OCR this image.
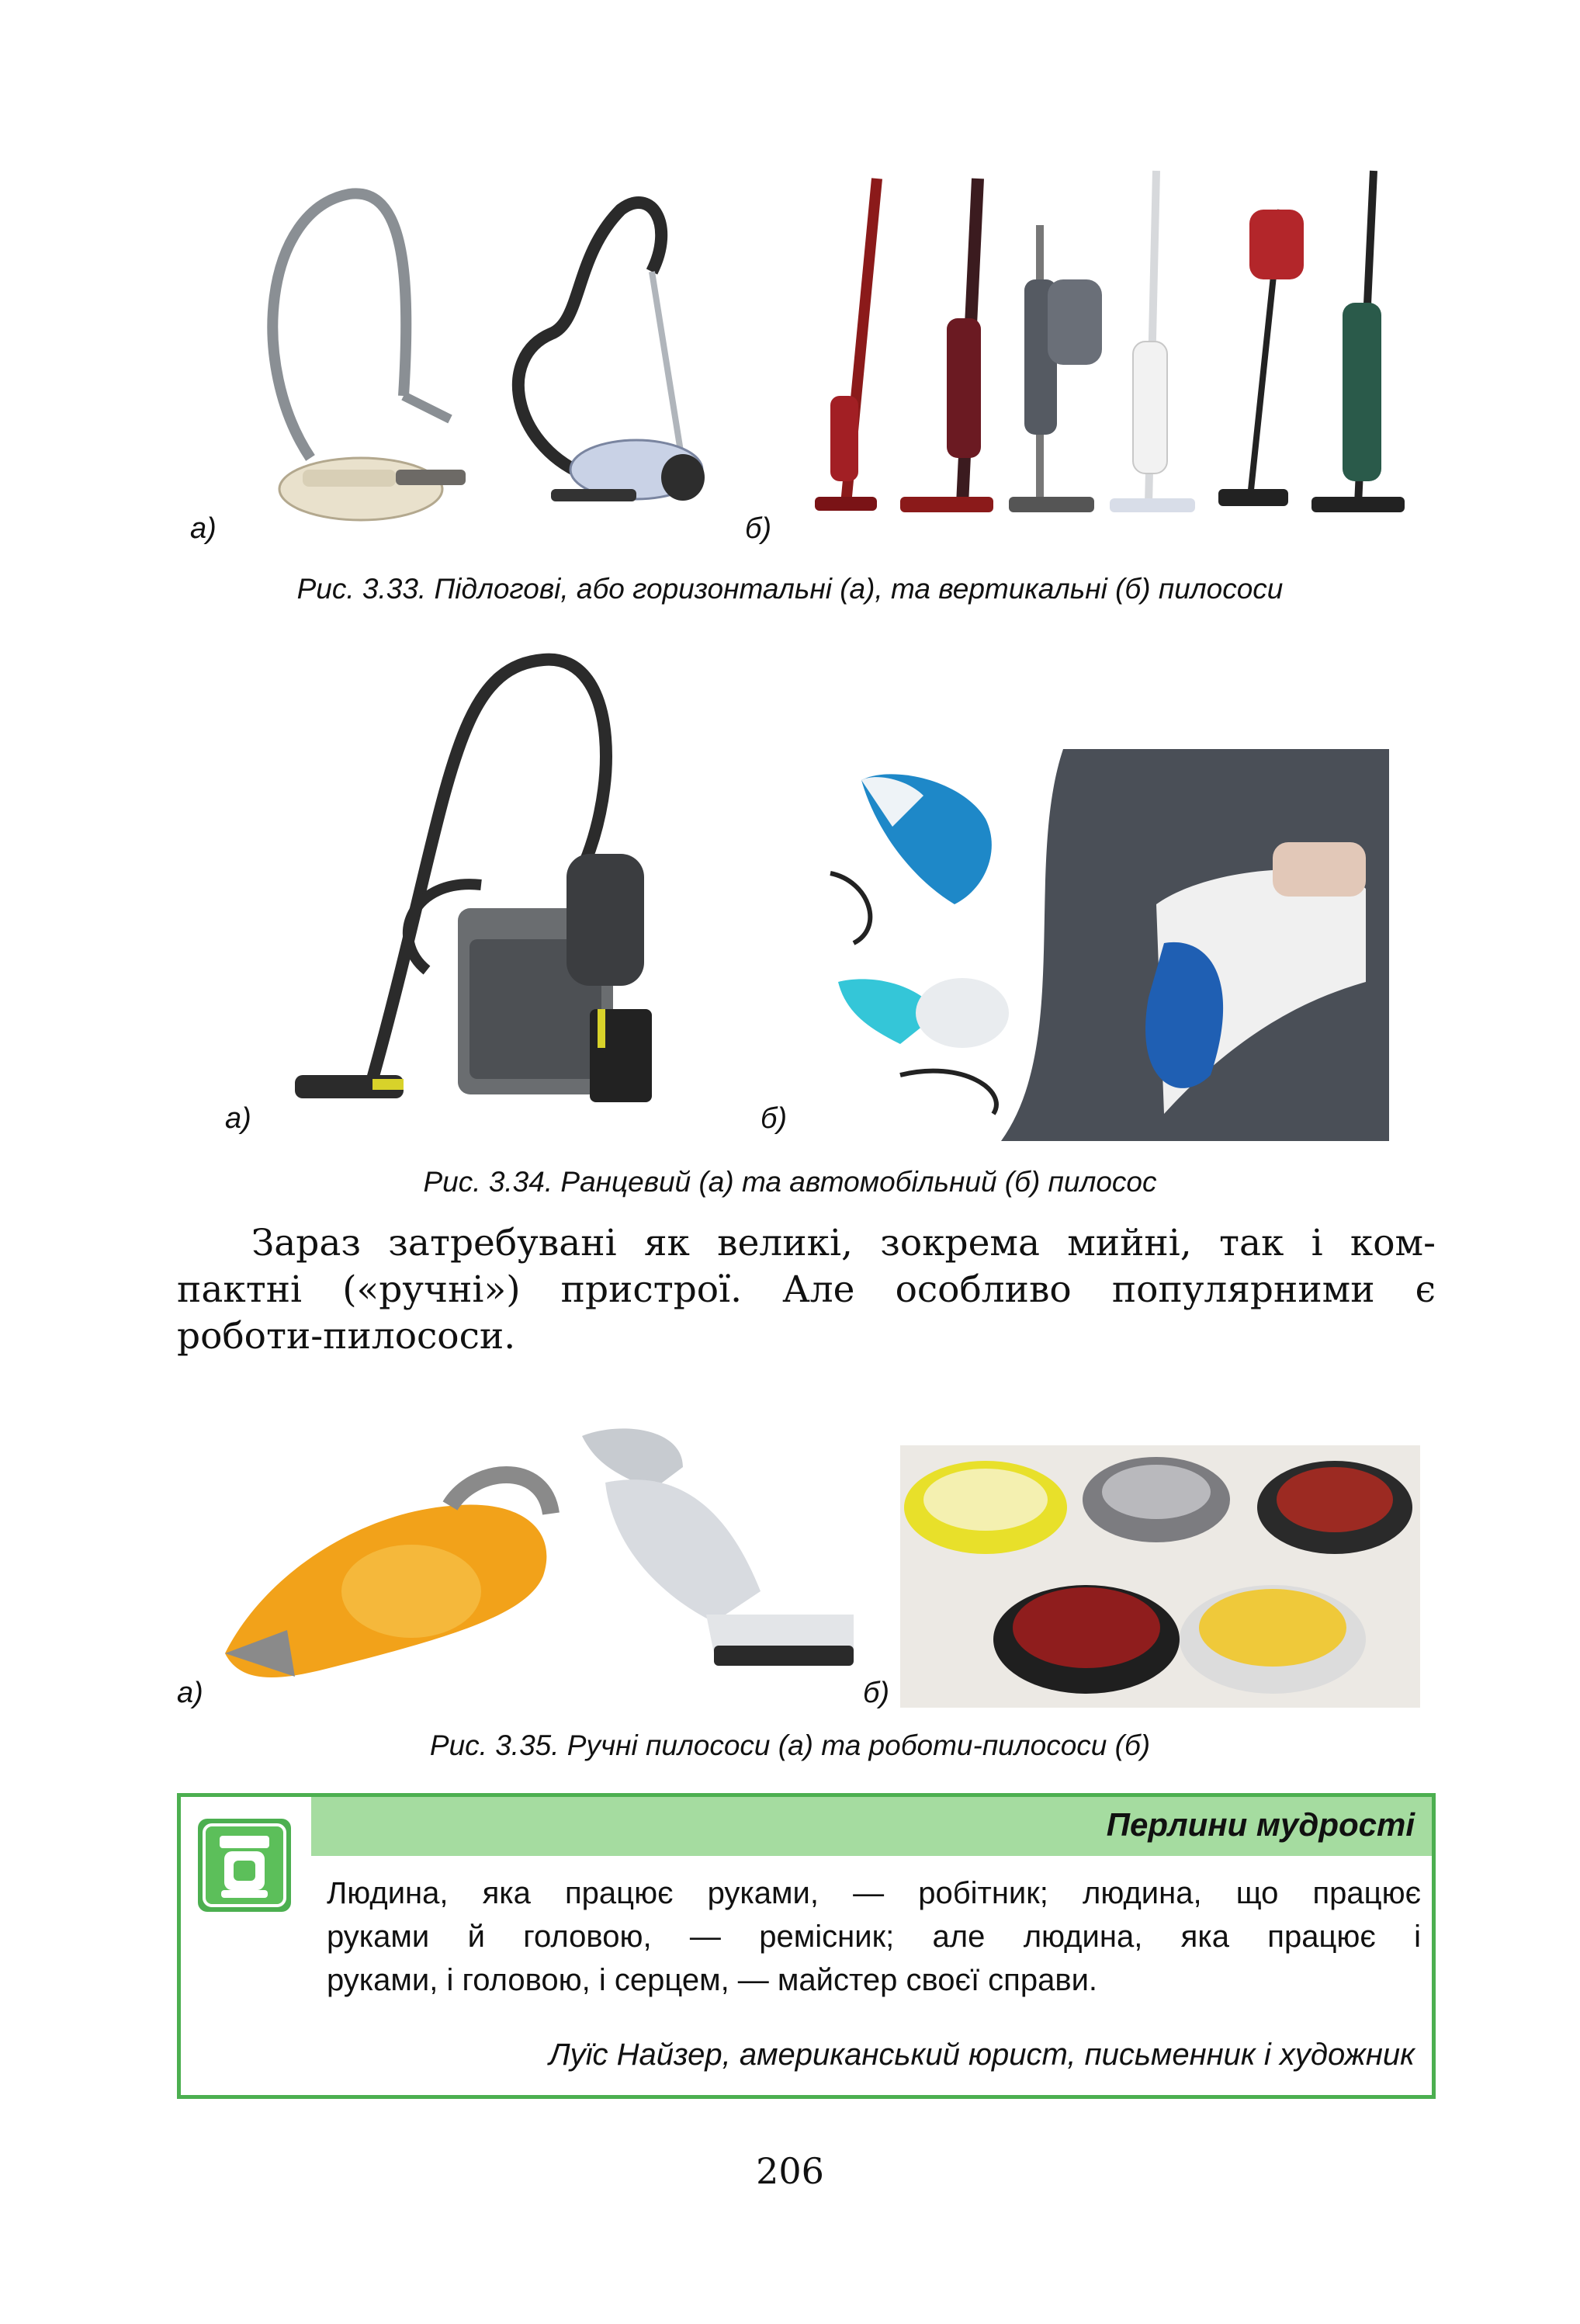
а)	б)
Рис. 3.33. Підлогові, або горизонтальні (а), та вертикальні (б) пилососи
а)	б)
Рис. 3.34. Ранцевий (а) та автомобільний (б) пилосос
Зараз затребувані як великі, зокрема мийні, так і ком-
пактні («ручні») пристрої. Але особливо популярними є
роботи-пилососи.
а)	б)
Рис. 3.35. Ручні пилососи (а) та роботи-пилососи (б)
Перлини мудрості
Людина, яка працює руками, — робітник; людина, що працює
руками й головою, — ремісник; але людина, яка працює і
руками, і головою, і серцем, — майстер своєї справи.
Луїс Найзер, американський юрист, письменник і художник
206
